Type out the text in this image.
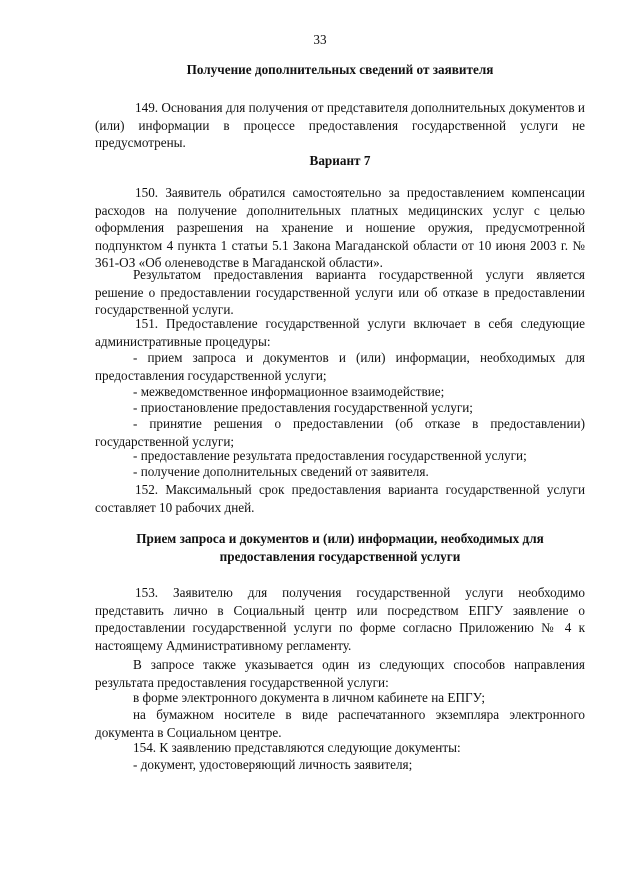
33
Получение дополнительных сведений от заявителя
149. Основания для получения от представителя дополнительных документов и (или) информации в процессе предоставления государственной услуги не предусмотрены.
Вариант 7
150. Заявитель обратился самостоятельно за предоставлением компенсации расходов на получение дополнительных платных медицинских услуг с целью оформления разрешения на хранение и ношение оружия, предусмотренной подпунктом 4 пункта 1 статьи 5.1 Закона Магаданской области от 10 июня 2003 г. № 361-ОЗ «Об оленеводстве в Магаданской области».
Результатом предоставления варианта государственной услуги является решение о предоставлении государственной услуги или об отказе в предоставлении государственной услуги.
151. Предоставление государственной услуги включает в себя следующие административные процедуры:
- прием запроса и документов и (или) информации, необходимых для предоставления государственной услуги;
- межведомственное информационное взаимодействие;
- приостановление предоставления государственной услуги;
- принятие решения о предоставлении (об отказе в предоставлении) государственной услуги;
- предоставление результата предоставления государственной услуги;
- получение дополнительных сведений от заявителя.
152. Максимальный срок предоставления варианта государственной услуги составляет 10 рабочих дней.
Прием запроса и документов и (или) информации, необходимых для предоставления государственной услуги
153. Заявителю для получения государственной услуги необходимо представить лично в Социальный центр или посредством ЕПГУ заявление о предоставлении государственной услуги по форме согласно Приложению № 4 к настоящему Административному регламенту.
В запросе также указывается один из следующих способов направления результата предоставления государственной услуги:
в форме электронного документа в личном кабинете на ЕПГУ;
на бумажном носителе в виде распечатанного экземпляра электронного документа в Социальном центре.
154. К заявлению представляются следующие документы:
- документ, удостоверяющий личность заявителя;
